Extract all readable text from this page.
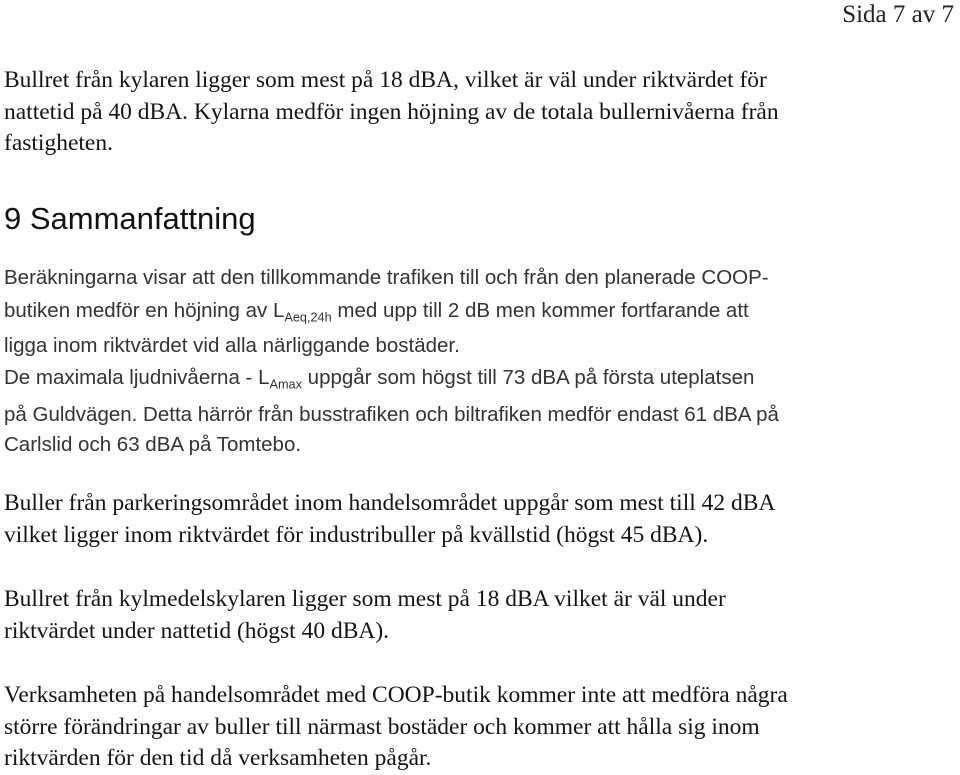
Sida 7 av 7

Bullret från kylaren ligger som mest på 18 dBA, vilket är väl under riktvärdet för
nattetid på 40 dBA. Kylarna medför ingen höjning av de totala bullernivåerna från
fastigheten.

9 Sammanfattning

Beräkningarna visar att den tillkommande trafiken till och från den planerade COOP-
butiken medför en höjning av $L_{Aeq,24h}$ med upp till 2 dB men kommer fortfarande att
ligga inom riktvärdet vid alla närliggande bostäder.

De maximala ljudnivåerna - $L_{Amax}$ uppgår som högst till 73 dBA på första uteplatsen
på Guldvägen. Detta härrör från busstrafiken och biltrafiken medför endast 61 dBA på
Carlslid och 63 dBA på Tomtebo.

Buller från parkeringsområdet inom handelsområdet uppgår som mest till 42 dBA
vilket ligger inom riktvärdet för industribuller på kvällstid (högst 45 dBA).

Bullret från kylmedelskylaren ligger som mest på 18 dBA vilket är väl under
riktvärdet under nattetid (högst 40 dBA).

Verksamheten på handelsområdet med COOP-butik kommer inte att medföra några
större förändringar av buller till närmast bostäder och kommer att hålla sig inom
riktvärden för den tid då verksamheten pågår.
